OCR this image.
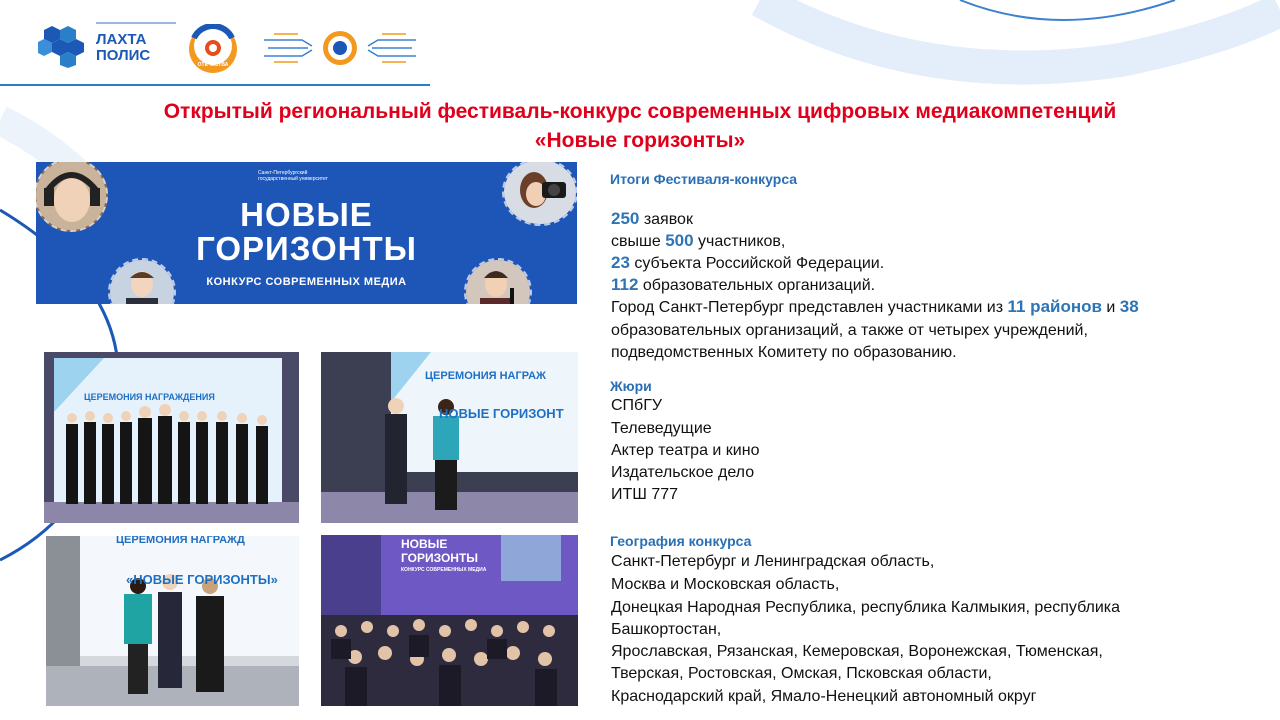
ЛАХТА
ПОЛИС
ОТЕЧЕСТВА
Открытый региональный фестиваль-конкурс современных цифровых медиакомпетенций
«Новые горизонты»
Санкт-Петербургский
государственный университет
НОВЫЕ
ГОРИЗОНТЫ
КОНКУРС СОВРЕМЕННЫХ МЕДИА
ЦЕРЕМОНИЯ НАГРАЖДЕНИЯ
ЦЕРЕМОНИЯ НАГРАЖ
НОВЫЕ ГОРИЗОНТ
ЦЕРЕМОНИЯ НАГРАЖД
«НОВЫЕ ГОРИЗОНТЫ»
НОВЫЕ
ГОРИЗОНТЫ
КОНКУРС СОВРЕМЕННЫХ МЕДИА
Итоги Фестиваля-конкурса
250 заявок
свыше 500 участников,
23 субъекта Российской Федерации.
112 образовательных организаций.
Город Санкт-Петербург представлен участниками из 11 районов и 38
образовательных организаций, а также от четырех учреждений,
подведомственных Комитету по образованию.
Жюри
СПбГУ
Телеведущие
Актер театра и кино
Издательское дело
ИТШ 777
География конкурса
Санкт-Петербург и Ленинградская область,
Москва и Московская область,
Донецкая Народная Республика, республика Калмыкия, республика
Башкортостан,
Ярославская, Рязанская, Кемеровская, Воронежская, Тюменская,
Тверская, Ростовская, Омская, Псковская области,
Краснодарский край, Ямало-Ненецкий автономный округ
